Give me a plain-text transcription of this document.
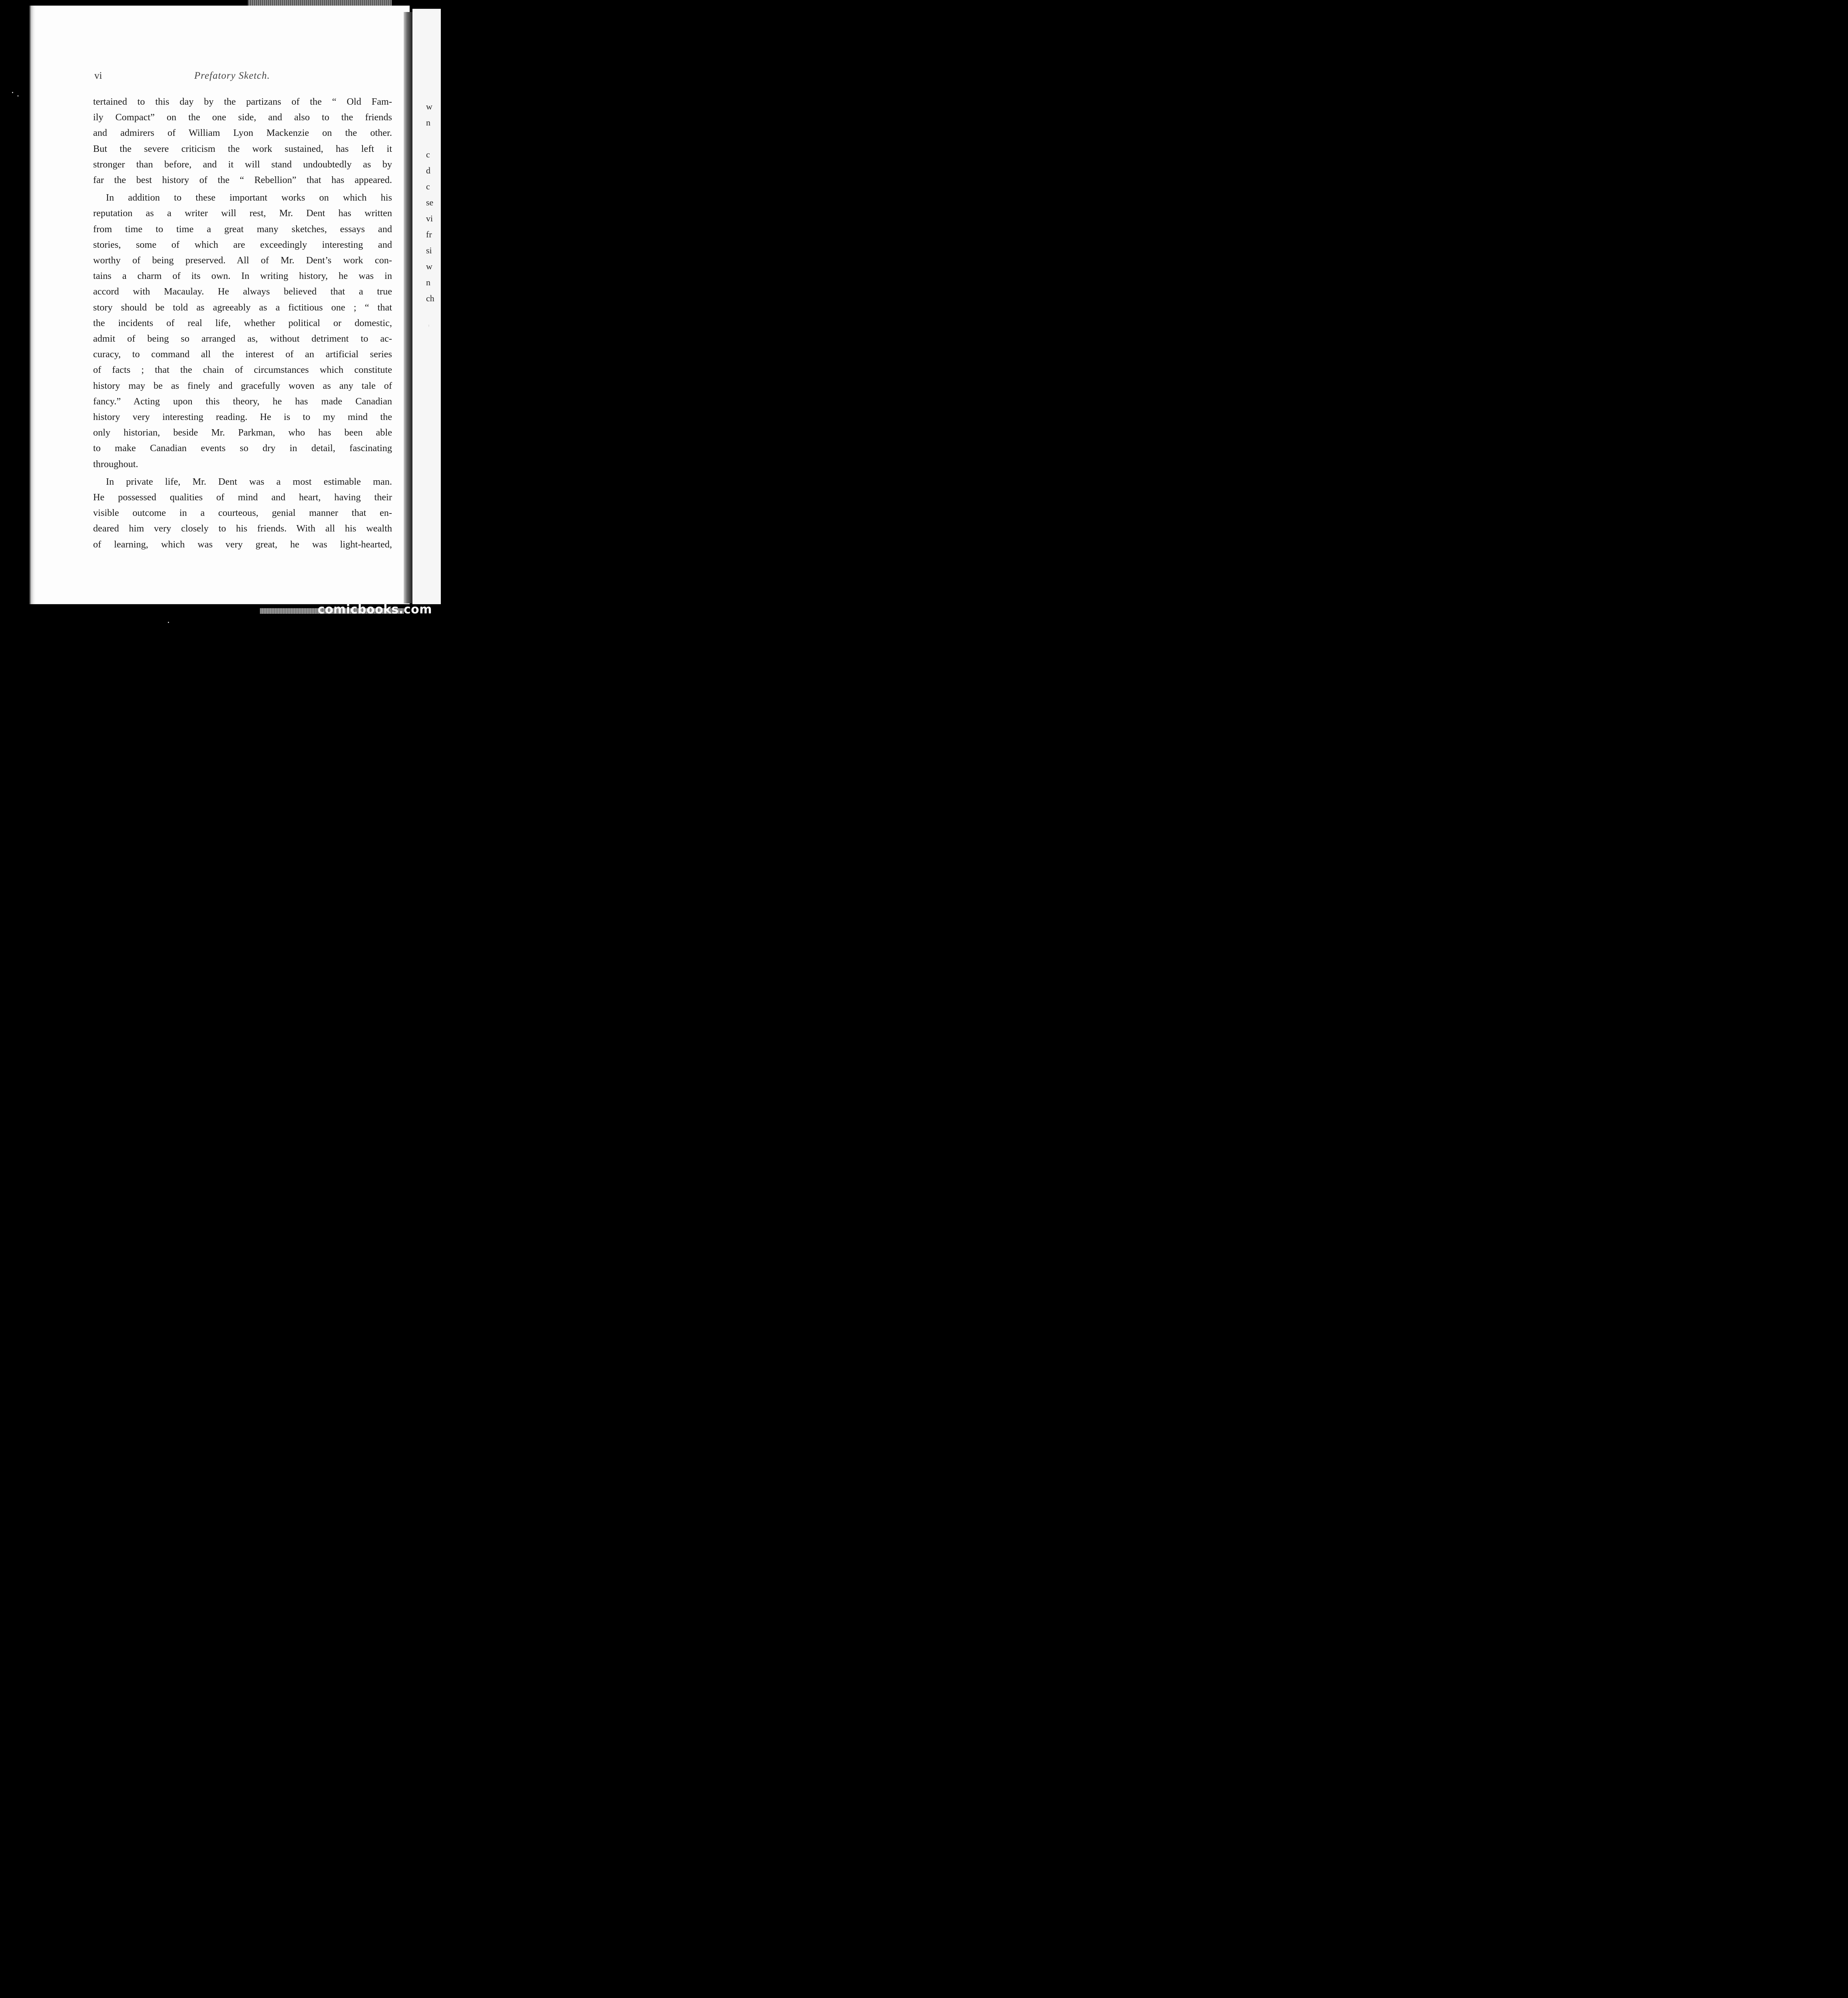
w
n
c
d
c
se
vi
fr
si
w
n
ch
vi	Prefatory Sketch.

tertained to this day by the partizans of the “ Old Fam-

ily Compact” on the one side, and also to the friends

and admirers of William Lyon Mackenzie on the other.

But the severe criticism the work sustained, has left it

stronger than before, and it will stand undoubtedly as by

far the best history of the “ Rebellion” that has appeared.

In addition to these important works on which his

reputation as a writer will rest, Mr. Dent has written

from time to time a great many sketches, essays and

stories, some of which are exceedingly interesting and

worthy of being preserved. All of Mr. Dent’s work con-

tains a charm of its own. In writing history, he was in

accord with Macaulay. He always believed that a true

story should be told as agreeably as a fictitious one ; “ that

the incidents of real life, whether political or domestic,

admit of being so arranged as, without detriment to ac-

curacy, to command all the interest of an artificial series

of facts ; that the chain of circumstances which constitute

history may be as finely and gracefully woven as any tale of

fancy.” Acting upon this theory, he has made Canadian

history very interesting reading. He is to my mind the

only historian, beside Mr. Parkman, who has been able

to make Canadian events so dry in detail, fascinating

throughout.

In private life, Mr. Dent was a most estimable man.

He possessed qualities of mind and heart, having their

visible outcome in a courteous, genial manner that en-

deared him very closely to his friends. With all his wealth

of learning, which was very great, he was light-hearted,

comicbooks.com
